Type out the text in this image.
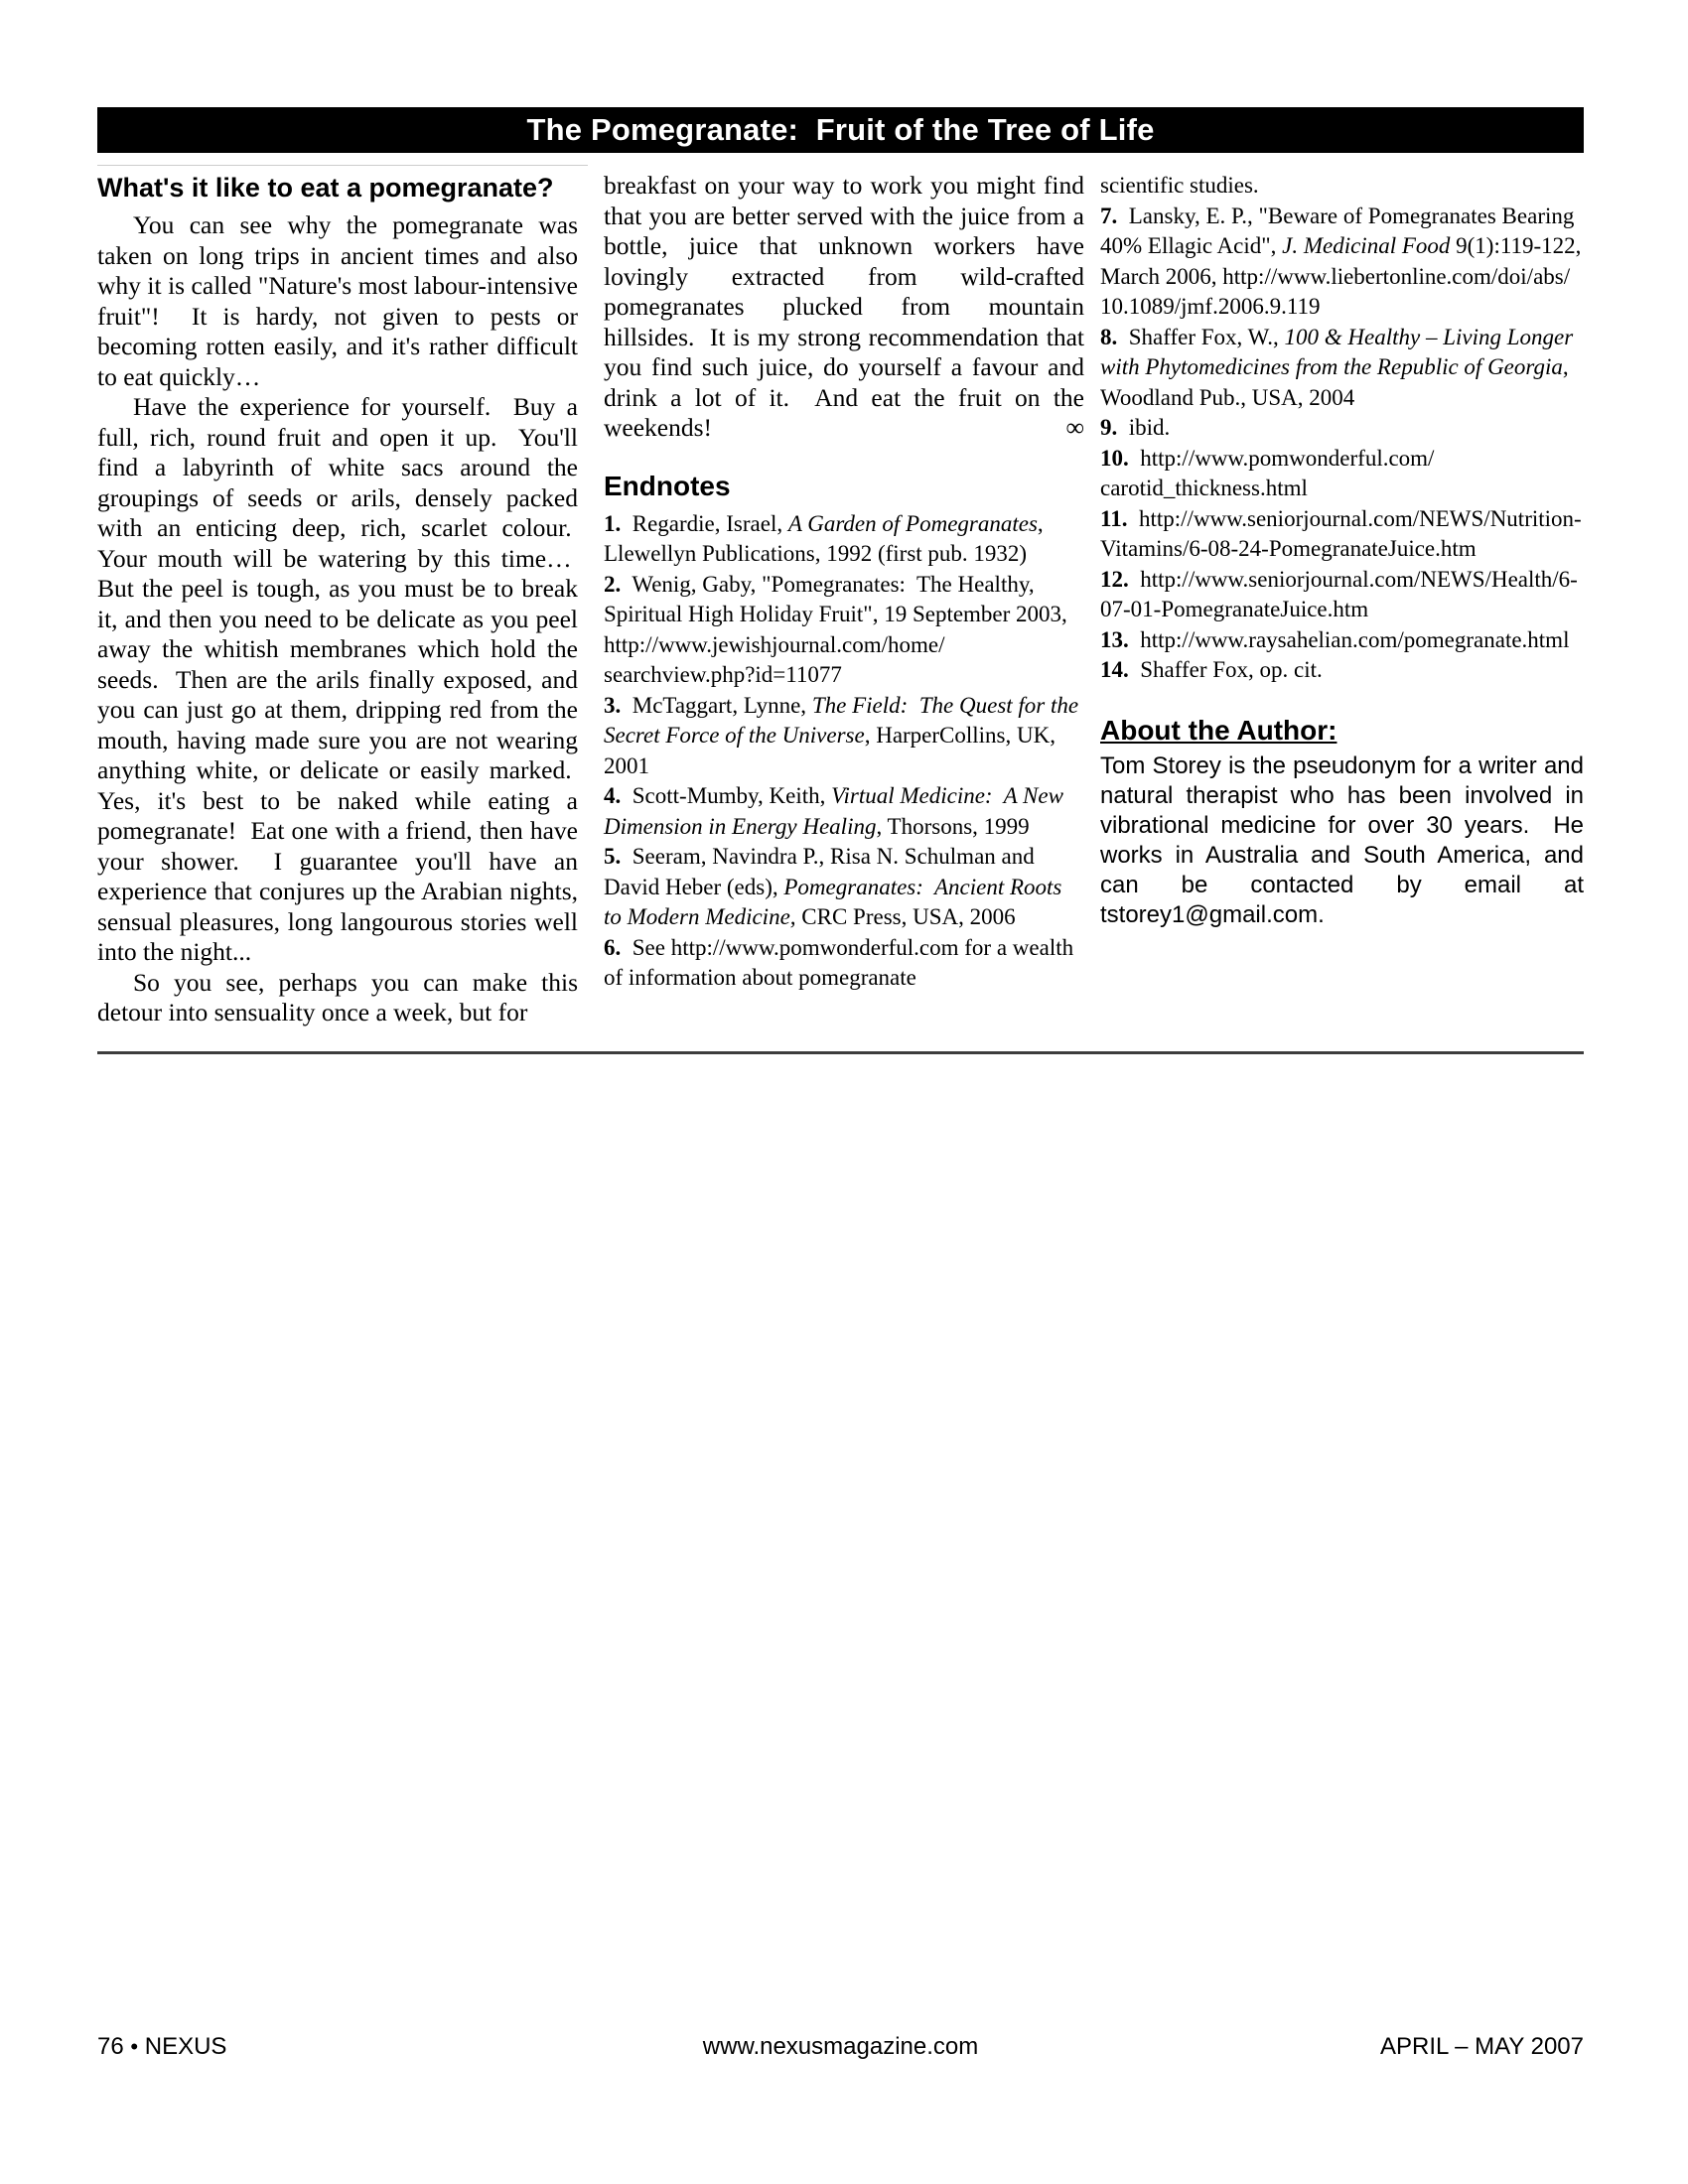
The Pomegranate:  Fruit of the Tree of Life
What's it like to eat a pomegranate?

You can see why the pomegranate was taken on long trips in ancient times and also why it is called "Nature's most labour-intensive fruit"!  It is hardy, not given to pests or becoming rotten easily, and it's rather difficult to eat quickly…

Have the experience for yourself.  Buy a full, rich, round fruit and open it up.  You'll find a labyrinth of white sacs around the groupings of seeds or arils, densely packed with an enticing deep, rich, scarlet colour.  Your mouth will be watering by this time…  But the peel is tough, as you must be to break it, and then you need to be delicate as you peel away the whitish membranes which hold the seeds.  Then are the arils finally exposed, and you can just go at them, dripping red from the mouth, having made sure you are not wearing anything white, or delicate or easily marked.  Yes, it's best to be naked while eating a pomegranate!  Eat one with a friend, then have your shower.  I guarantee you'll have an experience that conjures up the Arabian nights, sensual pleasures, long langourous stories well into the night...

So you see, perhaps you can make this detour into sensuality once a week, but for

breakfast on your way to work you might find that you are better served with the juice from a bottle, juice that unknown workers have lovingly extracted from wild-crafted pomegranates plucked from mountain hillsides.  It is my strong recommendation that you find such juice, do yourself a favour and drink a lot of it.  And eat the fruit on the weekends!	∞

Endnotes

1. Regardie, Israel, A Garden of Pomegranates, Llewellyn Publications, 1992 (first pub. 1932)

2. Wenig, Gaby, "Pomegranates:  The Healthy, Spiritual High Holiday Fruit", 19 September 2003, http://www.jewishjournal.com/home/searchview.php?id=11077

3. McTaggart, Lynne, The Field:  The Quest for the Secret Force of the Universe, HarperCollins, UK, 2001

4. Scott-Mumby, Keith, Virtual Medicine:  A New Dimension in Energy Healing, Thorsons, 1999

5. Seeram, Navindra P., Risa N. Schulman and David Heber (eds), Pomegranates:  Ancient Roots to Modern Medicine, CRC Press, USA, 2006

6. See http://www.pomwonderful.com for a wealth of information about pomegranate

scientific studies.

7. Lansky, E. P., "Beware of Pomegranates Bearing 40% Ellagic Acid", J. Medicinal Food 9(1):119-122, March 2006, http://www.liebertonline.com/doi/abs/10.1089/jmf.2006.9.119

8. Shaffer Fox, W., 100 & Healthy – Living Longer with Phytomedicines from the Republic of Georgia, Woodland Pub., USA, 2004

9. ibid.

10. http://www.pomwonderful.com/carotid_thickness.html

11. http://www.seniorjournal.com/NEWS/Nutrition-Vitamins/6-08-24-PomegranateJuice.htm

12. http://www.seniorjournal.com/NEWS/Health/6-07-01-PomegranateJuice.htm

13. http://www.raysahelian.com/pomegranate.html

14. Shaffer Fox, op. cit.

About the Author:

Tom Storey is the pseudonym for a writer and natural therapist who has been involved in vibrational medicine for over 30 years.  He works in Australia and South America, and can be contacted by email at tstorey1@gmail.com.

76 • NEXUS	www.nexusmagazine.com	APRIL – MAY 2007
